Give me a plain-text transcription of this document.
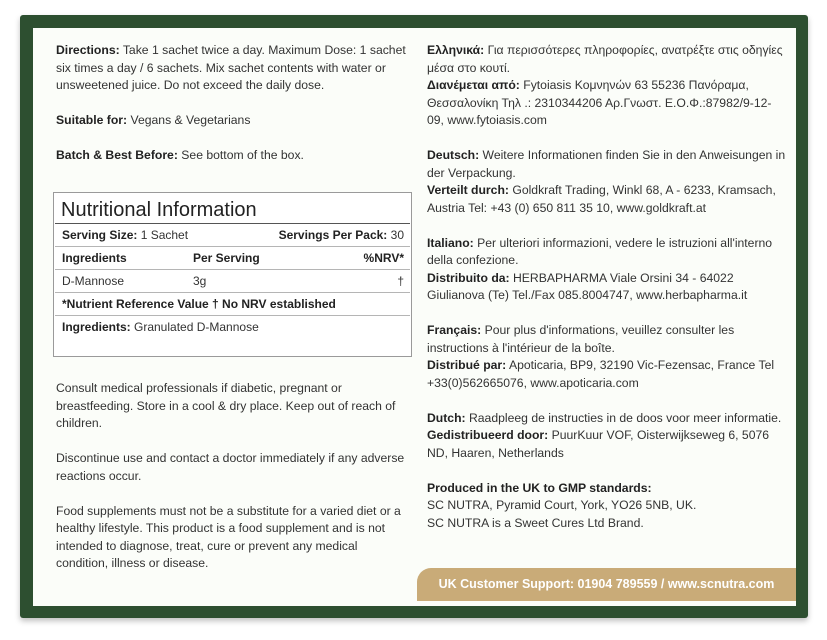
Directions: Take 1 sachet twice a day. Maximum Dose: 1 sachet six times a day / 6 sachets. Mix sachet contents with water or unsweetened juice. Do not exceed the daily dose.

Suitable for: Vegans & Vegetarians

Batch & Best Before: See bottom of the box.

Nutritional Information
Serving Size: 1 Sachet	Servings Per Pack: 30
Ingredients	Per Serving	%NRV*
D-Mannose	3g	†
*Nutrient Reference Value † No NRV established
Ingredients: Granulated D-Mannose

Consult medical professionals if diabetic, pregnant or breastfeeding. Store in a cool & dry place. Keep out of reach of children.

Discontinue use and contact a doctor immediately if any adverse reactions occur.

Food supplements must not be a substitute for a varied diet or a healthy lifestyle. This product is a food supplement and is not intended to diagnose, treat, cure or prevent any medical condition, illness or disease.

Ελληνικά: Για περισσότερες πληροφορίες, ανατρέξτε στις οδηγίες μέσα στο κουτί.

Διανέμεται από: Fytoiasis Κομνηνών 63 55236 Πανόραμα, Θεσσαλονίκη Τηλ .: 2310344206 Αρ.Γνωστ. Ε.Ο.Φ.:87982/9-12-09, www.fytoiasis.com

Deutsch: Weitere Informationen finden Sie in den Anweisungen in der Verpackung.

Verteilt durch: Goldkraft Trading, Winkl 68, A - 6233, Kramsach, Austria Tel: +43 (0) 650 811 35 10, www.goldkraft.at

Italiano: Per ulteriori informazioni, vedere le istruzioni all'interno della confezione.

Distribuito da: HERBAPHARMA Viale Orsini 34 - 64022 Giulianova (Te) Tel./Fax 085.8004747, www.herbapharma.it

Français: Pour plus d'informations, veuillez consulter les instructions à l'intérieur de la boîte.

Distribué par: Apoticaria, BP9, 32190 Vic-Fezensac, France Tel +33(0)562665076, www.apoticaria.com

Dutch: Raadpleeg de instructies in de doos voor meer informatie.

Gedistribueerd door: PuurKuur VOF, Oisterwijkseweg 6, 5076 ND, Haaren, Netherlands

Produced in the UK to GMP standards:

SC NUTRA, Pyramid Court, York, YO26 5NB, UK.

SC NUTRA is a Sweet Cures Ltd Brand.

UK Customer Support: 01904 789559 / www.scnutra.com
